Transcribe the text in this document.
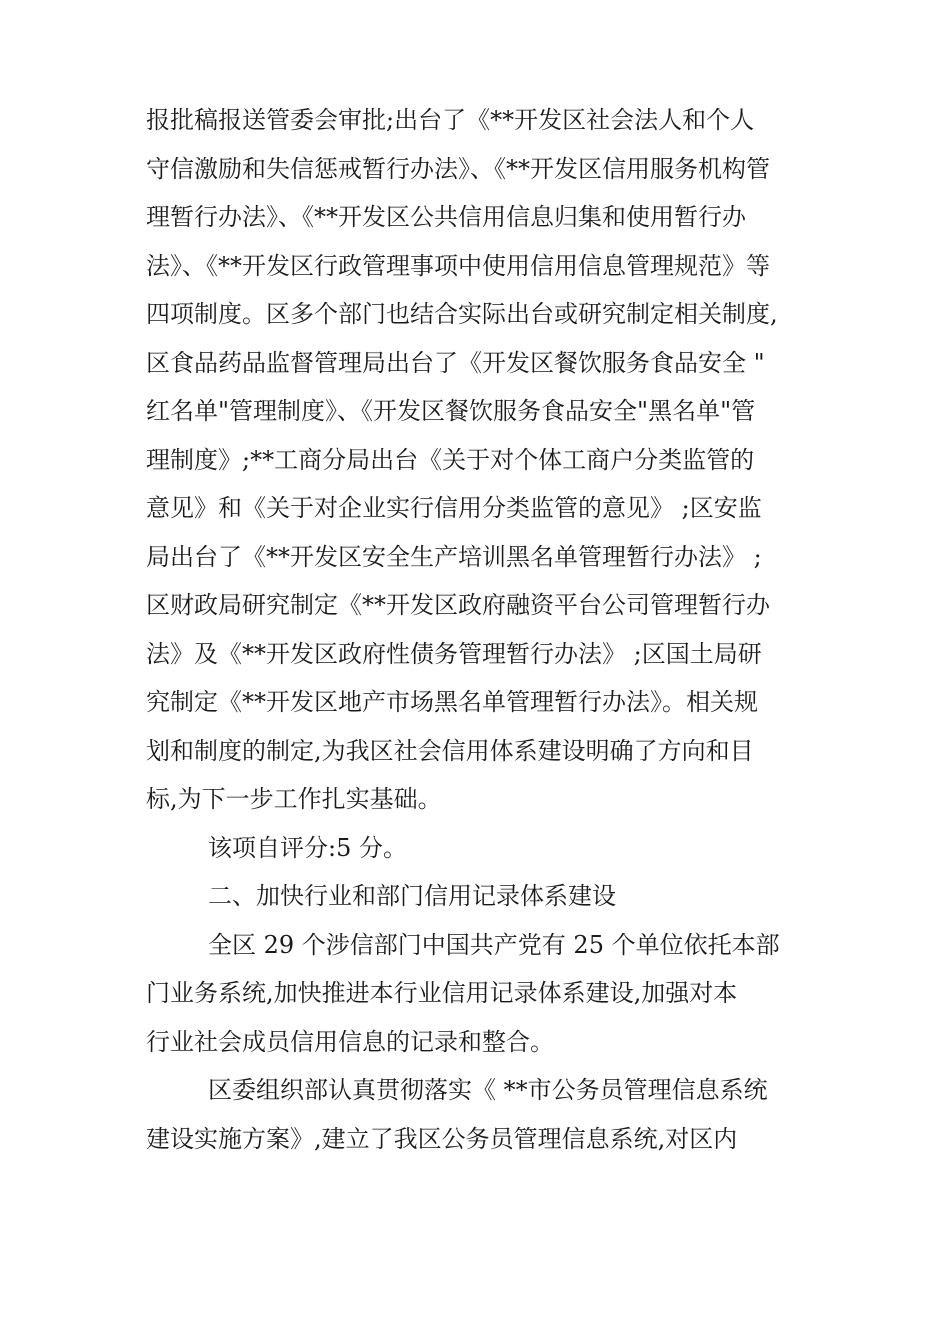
报批稿报送管委会审批;出台了《**开发区社会法人和个人
守信激励和失信惩戒暂行办法》、《**开发区信用服务机构管
理暂行办法》、《**开发区公共信用信息归集和使用暂行办
法》、《**开发区行政管理事项中使用信用信息管理规范》等
四项制度。区多个部门也结合实际出台或研究制定相关制度,
区食品药品监督管理局出台了《开发区餐饮服务食品安全 "
红名单"管理制度》、《开发区餐饮服务食品安全"黑名单"管
理制度》;**工商分局出台《关于对个体工商户分类监管的
意见》和《关于对企业实行信用分类监管的意见》 ;区安监
局出台了《**开发区安全生产培训黑名单管理暂行办法》 ;
区财政局研究制定《**开发区政府融资平台公司管理暂行办
法》及《**开发区政府性债务管理暂行办法》 ;区国土局研
究制定《**开发区地产市场黑名单管理暂行办法》。相关规
划和制度的制定,为我区社会信用体系建设明确了方向和目
标,为下一步工作扎实基础。
该项自评分:5 分。
二、加快行业和部门信用记录体系建设
全区 29 个涉信部门中国共产党有 25 个单位依托本部
门业务系统,加快推进本行业信用记录体系建设,加强对本
行业社会成员信用信息的记录和整合。
区委组织部认真贯彻落实《 **市公务员管理信息系统
建设实施方案》,建立了我区公务员管理信息系统,对区内
